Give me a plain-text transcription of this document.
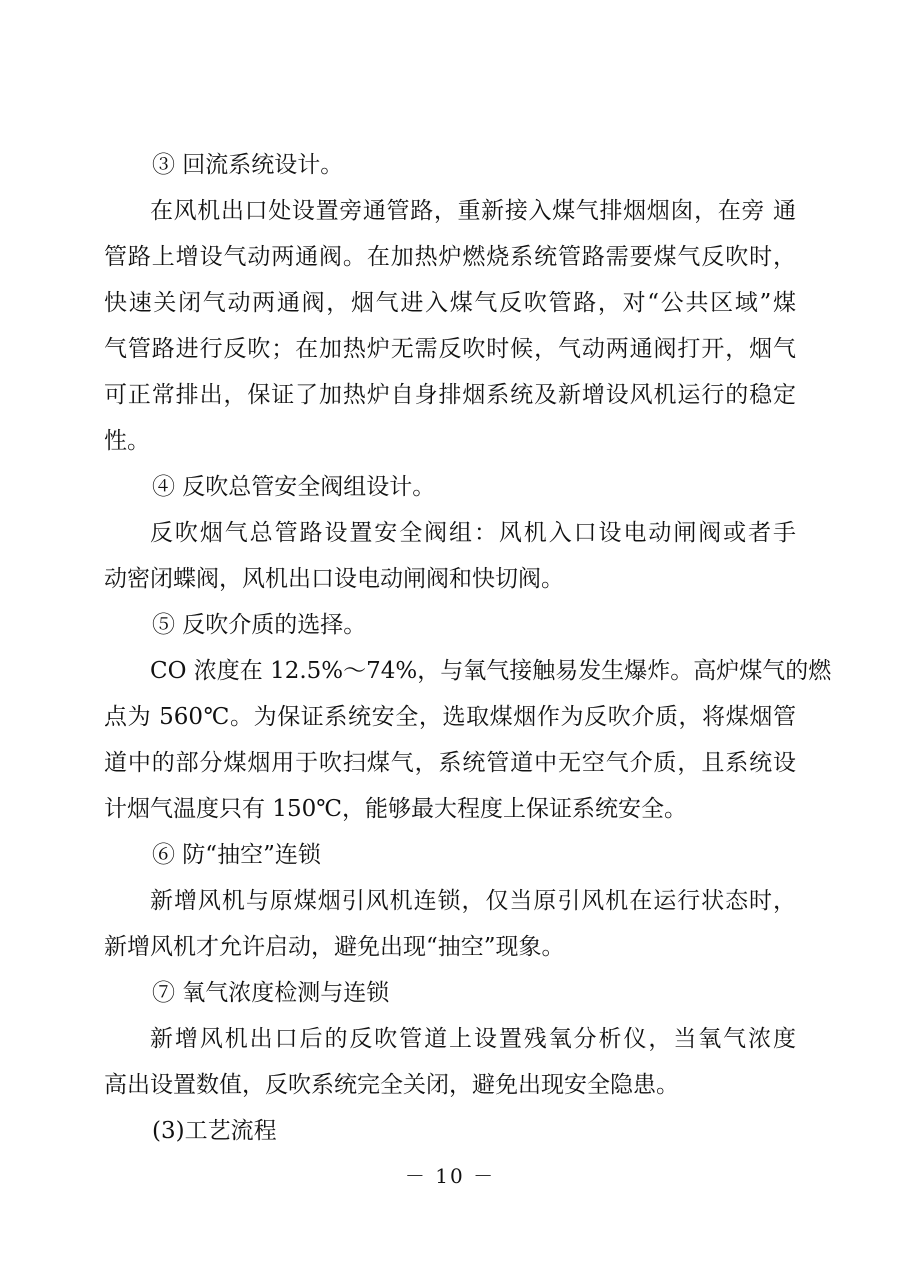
③ 回流系统设计。
在风机出口处设置旁通管路，重新接入煤气排烟烟囱，在旁 通
管路上增设气动两通阀。在加热炉燃烧系统管路需要煤气反吹时，
快速关闭气动两通阀，烟气进入煤气反吹管路，对“公共区域”煤
气管路进行反吹；在加热炉无需反吹时候，气动两通阀打开，烟气
可正常排出，保证了加热炉自身排烟系统及新增设风机运行的稳定
性。
④ 反吹总管安全阀组设计。
反吹烟气总管路设置安全阀组：风机入口设电动闸阀或者手
动密闭蝶阀，风机出口设电动闸阀和快切阀。
⑤ 反吹介质的选择。
CO 浓度在 12.5%～74%，与氧气接触易发生爆炸。高炉煤气的燃
点为 560℃。为保证系统安全，选取煤烟作为反吹介质，将煤烟管
道中的部分煤烟用于吹扫煤气，系统管道中无空气介质，且系统设
计烟气温度只有 150℃，能够最大程度上保证系统安全。
⑥ 防“抽空”连锁
新增风机与原煤烟引风机连锁，仅当原引风机在运行状态时，
新增风机才允许启动，避免出现“抽空”现象。
⑦ 氧气浓度检测与连锁
新增风机出口后的反吹管道上设置残氧分析仪，当氧气浓度
高出设置数值，反吹系统完全关闭，避免出现安全隐患。
(3)工艺流程
－ 10 －
